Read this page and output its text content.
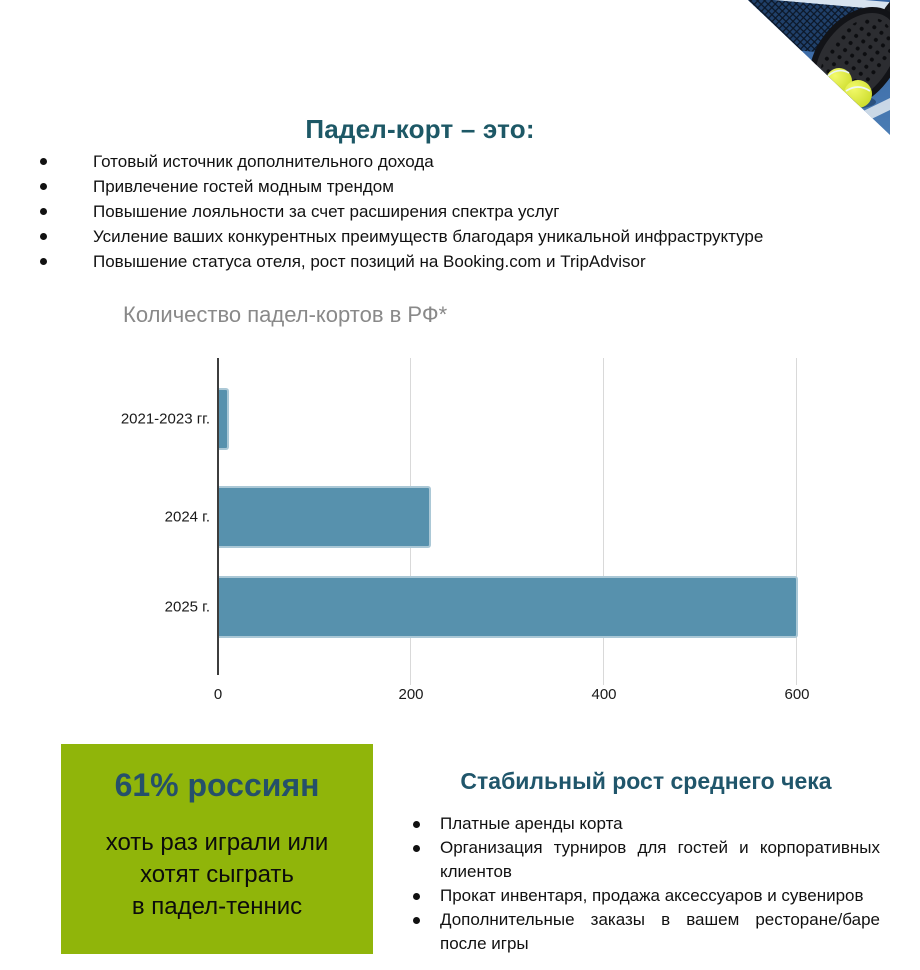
Падел-корт – это:
Готовый источник дополнительного дохода
Привлечение гостей модным трендом
Повышение лояльности за счет расширения спектра услуг
Усиление ваших конкурентных преимуществ благодаря уникальной инфраструктуре
Повышение статуса отеля, рост позиций на Booking.com и TripAdvisor
Количество падел-кортов в РФ*
2021-2023 гг.
2024 г.
2025 г.
0	200	400	600
61% россиян
хоть раз играли или
хотят сыграть
в падел-теннис
Стабильный рост среднего чека
Платные аренды корта
Организация турниров для гостей и корпоративных клиентов
Прокат инвентаря, продажа аксессуаров и сувениров
Дополнительные заказы в вашем ресторане/баре после игры
